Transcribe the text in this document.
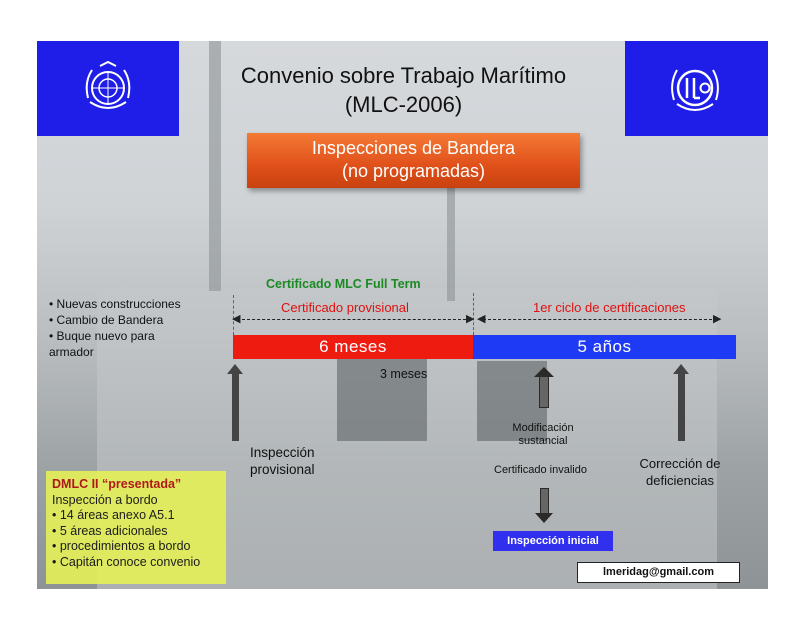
Convenio sobre Trabajo Marítimo
(MLC-2006)
Inspecciones de Bandera
(no programadas)
Certificado MLC Full Term
Certificado provisional	1er ciclo de certificaciones
◀	▶ ◀	▶
6 meses	5 años
• Nuevas construcciones
• Cambio de Bandera
• Buque nuevo para
armador
3 meses
Inspección
provisional
Modificación
sustancial
Certificado invalido	Corrección de
deficiencias
Inspección inicial
DMLC II “presentada”
Inspección a bordo
• 14 áreas anexo A5.1
• 5 áreas adicionales
• procedimientos a bordo
• Capitán conoce convenio
lmeridag@gmail.com
